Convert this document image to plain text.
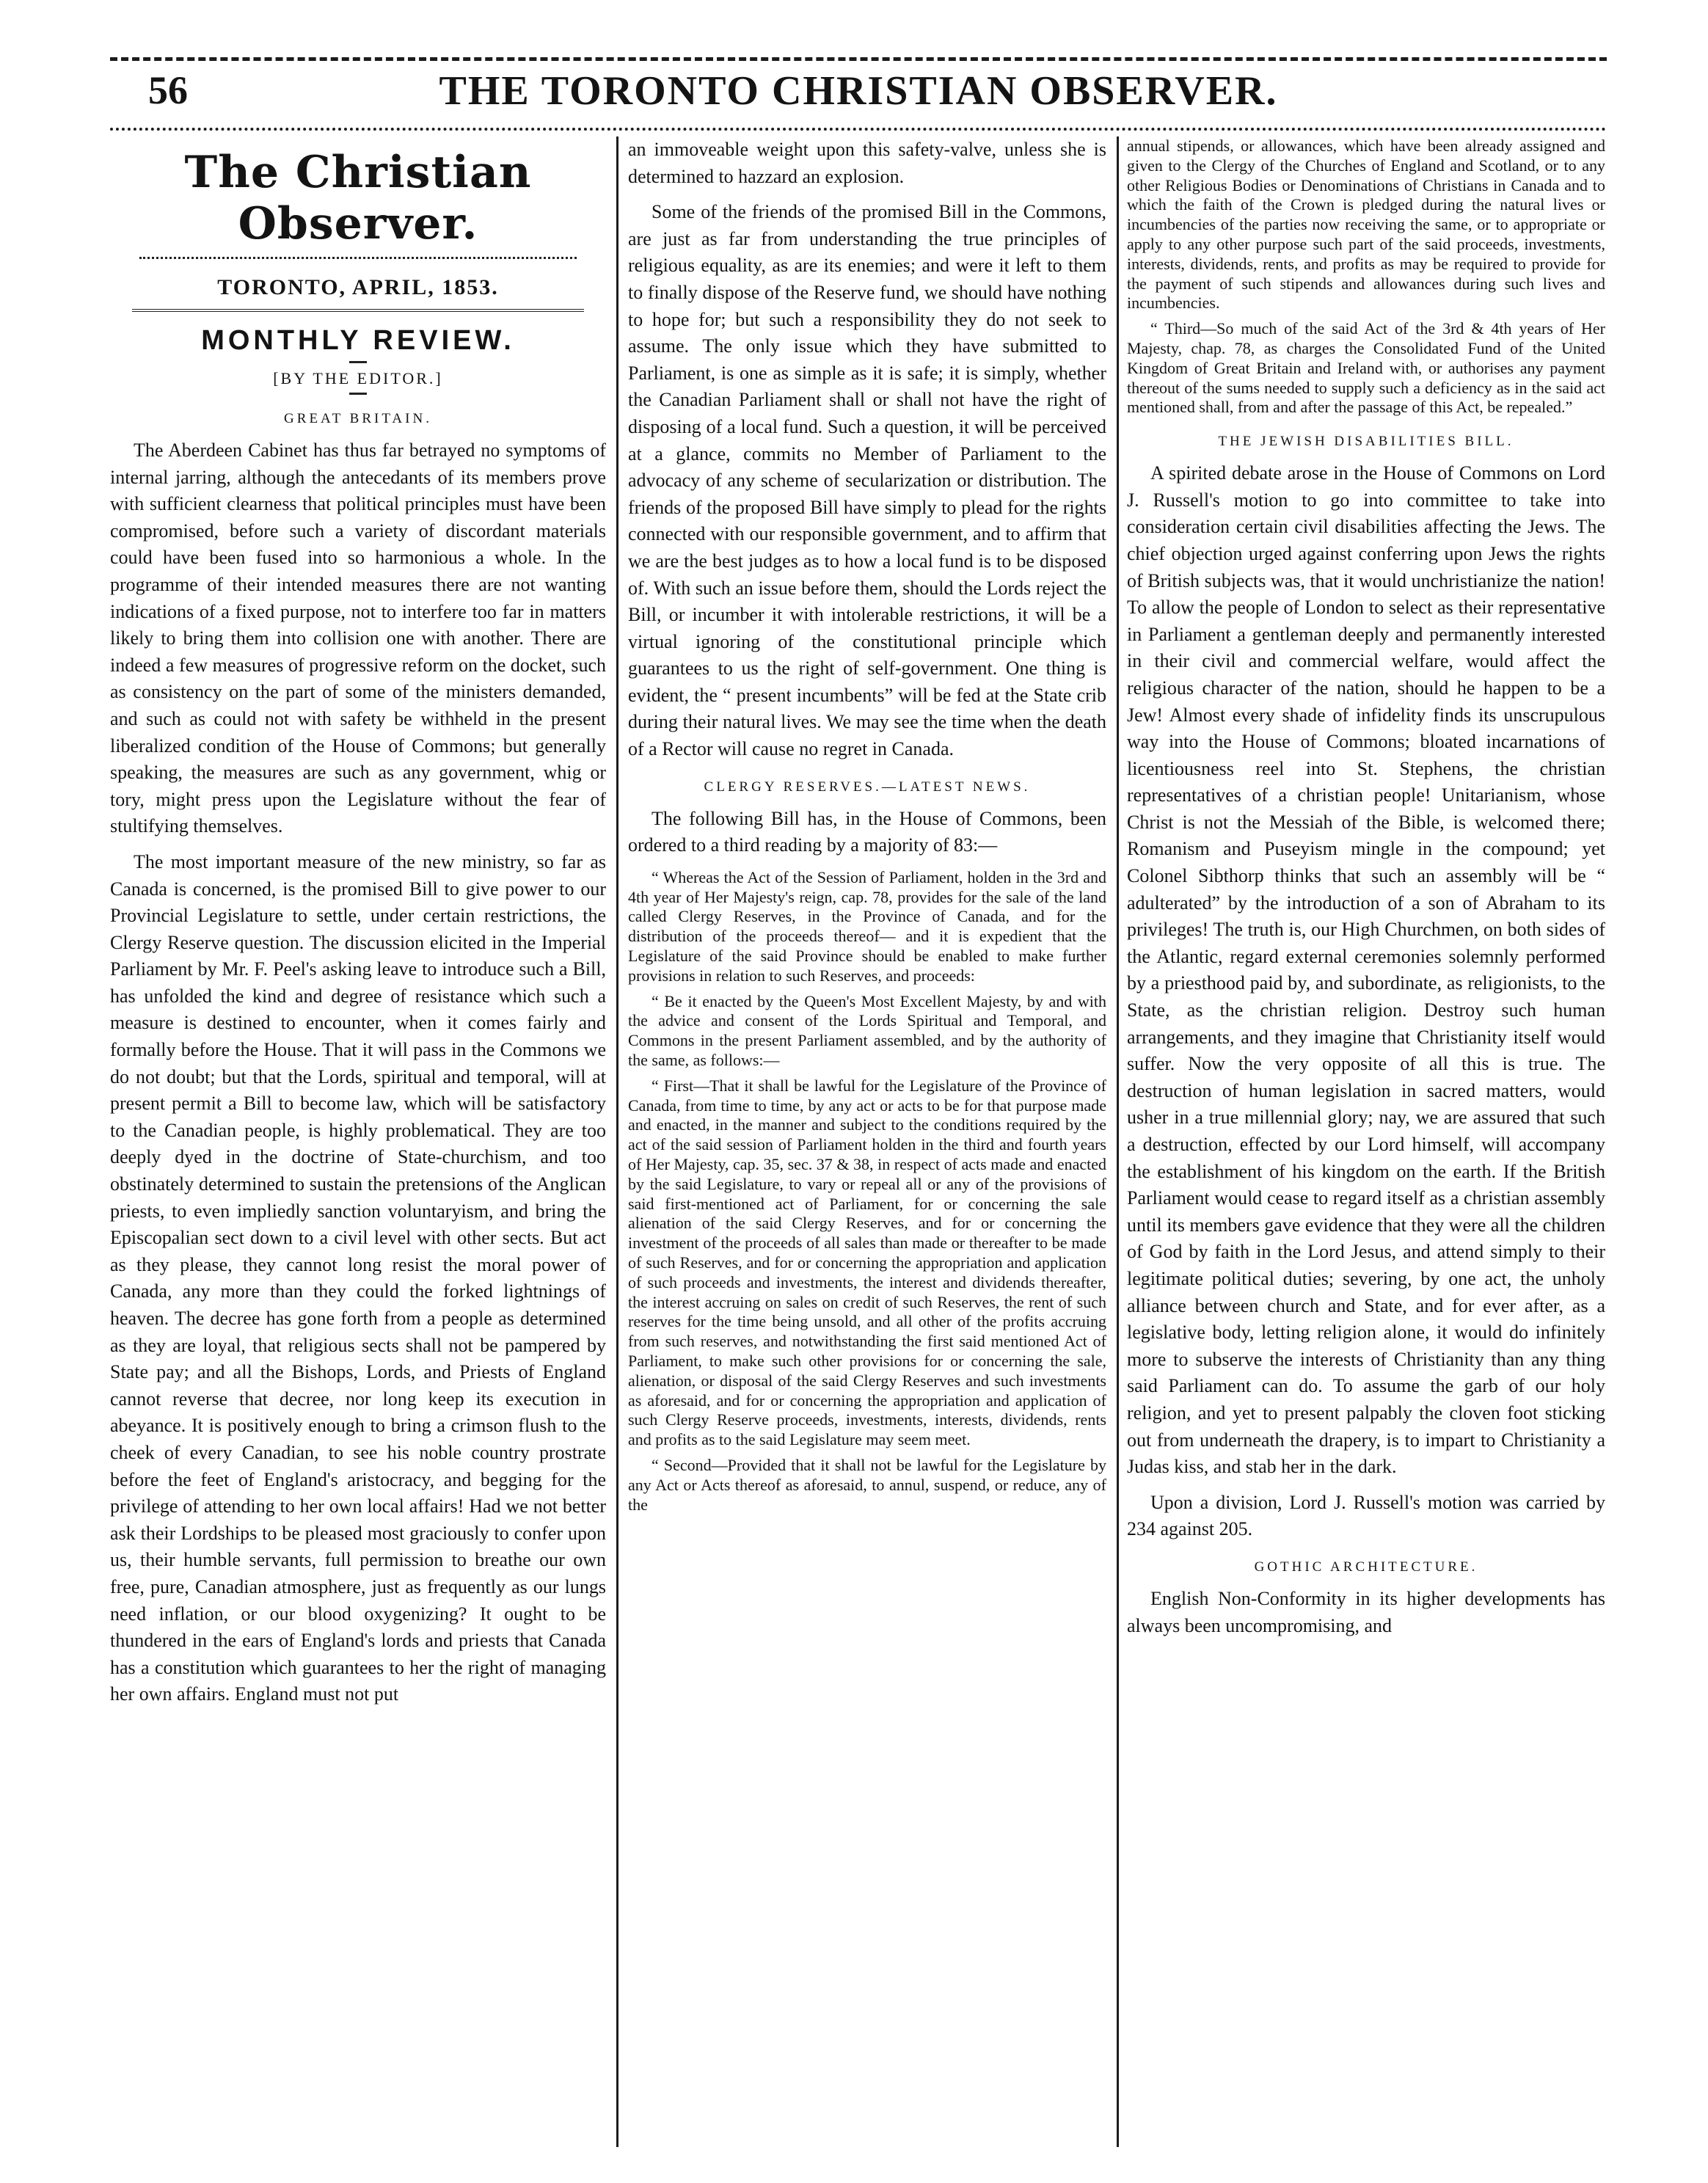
56	THE TORONTO CHRISTIAN OBSERVER.
The Christian Observer.
TORONTO, APRIL, 1853.
MONTHLY REVIEW.
[BY THE EDITOR.]
GREAT BRITAIN.

The Aberdeen Cabinet has thus far betrayed no symptoms of internal jarring, although the antecedants of its members prove with sufficient clearness that political principles must have been compromised, before such a variety of discordant materials could have been fused into so harmonious a whole. In the programme of their intended measures there are not wanting indications of a fixed purpose, not to interfere too far in matters likely to bring them into collision one with another. There are indeed a few measures of progressive reform on the docket, such as consistency on the part of some of the ministers demanded, and such as could not with safety be withheld in the present liberalized condition of the House of Commons; but generally speaking, the measures are such as any government, whig or tory, might press upon the Legislature without the fear of stultifying themselves.

The most important measure of the new ministry, so far as Canada is concerned, is the promised Bill to give power to our Provincial Legislature to settle, under certain restrictions, the Clergy Reserve question. The discussion elicited in the Imperial Parliament by Mr. F. Peel's asking leave to introduce such a Bill, has unfolded the kind and degree of resistance which such a measure is destined to encounter, when it comes fairly and formally before the House. That it will pass in the Commons we do not doubt; but that the Lords, spiritual and temporal, will at present permit a Bill to become law, which will be satisfactory to the Canadian people, is highly problematical. They are too deeply dyed in the doctrine of State-churchism, and too obstinately determined to sustain the pretensions of the Anglican priests, to even impliedly sanction voluntaryism, and bring the Episcopalian sect down to a civil level with other sects. But act as they please, they cannot long resist the moral power of Canada, any more than they could the forked lightnings of heaven. The decree has gone forth from a people as determined as they are loyal, that religious sects shall not be pampered by State pay; and all the Bishops, Lords, and Priests of England cannot reverse that decree, nor long keep its execution in abeyance. It is positively enough to bring a crimson flush to the cheek of every Canadian, to see his noble country prostrate before the feet of England's aristocracy, and begging for the privilege of attending to her own local affairs! Had we not better ask their Lordships to be pleased most graciously to confer upon us, their humble servants, full permission to breathe our own free, pure, Canadian atmosphere, just as frequently as our lungs need inflation, or our blood oxygenizing? It ought to be thundered in the ears of England's lords and priests that Canada has a constitution which guarantees to her the right of managing her own affairs. England must not put

an immoveable weight upon this safety-valve, unless she is determined to hazzard an explosion.

Some of the friends of the promised Bill in the Commons, are just as far from understanding the true principles of religious equality, as are its enemies; and were it left to them to finally dispose of the Reserve fund, we should have nothing to hope for; but such a responsibility they do not seek to assume. The only issue which they have submitted to Parliament, is one as simple as it is safe; it is simply, whether the Canadian Parliament shall or shall not have the right of disposing of a local fund. Such a question, it will be perceived at a glance, commits no Member of Parliament to the advocacy of any scheme of secularization or distribution. The friends of the proposed Bill have simply to plead for the rights connected with our responsible government, and to affirm that we are the best judges as to how a local fund is to be disposed of. With such an issue before them, should the Lords reject the Bill, or incumber it with intolerable restrictions, it will be a virtual ignoring of the constitutional principle which guarantees to us the right of self-government. One thing is evident, the “ present incumbents” will be fed at the State crib during their natural lives. We may see the time when the death of a Rector will cause no regret in Canada.

CLERGY RESERVES.—LATEST NEWS.

The following Bill has, in the House of Commons, been ordered to a third reading by a majority of 83:—

“ Whereas the Act of the Session of Parliament, holden in the 3rd and 4th year of Her Majesty's reign, cap. 78, provides for the sale of the land called Clergy Reserves, in the Province of Canada, and for the distribution of the proceeds thereof— and it is expedient that the Legislature of the said Province should be enabled to make further provisions in relation to such Reserves, and proceeds:

“ Be it enacted by the Queen's Most Excellent Majesty, by and with the advice and consent of the Lords Spiritual and Temporal, and Commons in the present Parliament assembled, and by the authority of the same, as follows:—

“ First—That it shall be lawful for the Legislature of the Province of Canada, from time to time, by any act or acts to be for that purpose made and enacted, in the manner and subject to the conditions required by the act of the said session of Parliament holden in the third and fourth years of Her Majesty, cap. 35, sec. 37 & 38, in respect of acts made and enacted by the said Legislature, to vary or repeal all or any of the provisions of said first-mentioned act of Parliament, for or concerning the sale alienation of the said Clergy Reserves, and for or concerning the investment of the proceeds of all sales than made or thereafter to be made of such Reserves, and for or concerning the appropriation and application of such proceeds and investments, the interest and dividends thereafter, the interest accruing on sales on credit of such Reserves, the rent of such reserves for the time being unsold, and all other of the profits accruing from such reserves, and notwithstanding the first said mentioned Act of Parliament, to make such other provisions for or concerning the sale, alienation, or disposal of the said Clergy Reserves and such investments as aforesaid, and for or concerning the appropriation and application of such Clergy Reserve proceeds, investments, interests, dividends, rents and profits as to the said Legislature may seem meet.

“ Second—Provided that it shall not be lawful for the Legislature by any Act or Acts thereof as aforesaid, to annul, suspend, or reduce, any of the

annual stipends, or allowances, which have been already assigned and given to the Clergy of the Churches of England and Scotland, or to any other Religious Bodies or Denominations of Christians in Canada and to which the faith of the Crown is pledged during the natural lives or incumbencies of the parties now receiving the same, or to appropriate or apply to any other purpose such part of the said proceeds, investments, interests, dividends, rents, and profits as may be required to provide for the payment of such stipends and allowances during such lives and incumbencies.

“ Third—So much of the said Act of the 3rd & 4th years of Her Majesty, chap. 78, as charges the Consolidated Fund of the United Kingdom of Great Britain and Ireland with, or authorises any payment thereout of the sums needed to supply such a deficiency as in the said act mentioned shall, from and after the passage of this Act, be repealed.”

THE JEWISH DISABILITIES BILL.

A spirited debate arose in the House of Commons on Lord J. Russell's motion to go into committee to take into consideration certain civil disabilities affecting the Jews. The chief objection urged against conferring upon Jews the rights of British subjects was, that it would unchristianize the nation! To allow the people of London to select as their representative in Parliament a gentleman deeply and permanently interested in their civil and commercial welfare, would affect the religious character of the nation, should he happen to be a Jew! Almost every shade of infidelity finds its unscrupulous way into the House of Commons; bloated incarnations of licentiousness reel into St. Stephens, the christian representatives of a christian people! Unitarianism, whose Christ is not the Messiah of the Bible, is welcomed there; Romanism and Puseyism mingle in the compound; yet Colonel Sibthorp thinks that such an assembly will be “ adulterated” by the introduction of a son of Abraham to its privileges! The truth is, our High Churchmen, on both sides of the Atlantic, regard external ceremonies solemnly performed by a priesthood paid by, and subordinate, as religionists, to the State, as the christian religion. Destroy such human arrangements, and they imagine that Christianity itself would suffer. Now the very opposite of all this is true. The destruction of human legislation in sacred matters, would usher in a true millennial glory; nay, we are assured that such a destruction, effected by our Lord himself, will accompany the establishment of his kingdom on the earth. If the British Parliament would cease to regard itself as a christian assembly until its members gave evidence that they were all the children of God by faith in the Lord Jesus, and attend simply to their legitimate political duties; severing, by one act, the unholy alliance between church and State, and for ever after, as a legislative body, letting religion alone, it would do infinitely more to subserve the interests of Christianity than any thing said Parliament can do. To assume the garb of our holy religion, and yet to present palpably the cloven foot sticking out from underneath the drapery, is to impart to Christianity a Judas kiss, and stab her in the dark.

Upon a division, Lord J. Russell's motion was carried by 234 against 205.

GOTHIC ARCHITECTURE.

English Non-Conformity in its higher developments has always been uncompromising, and
